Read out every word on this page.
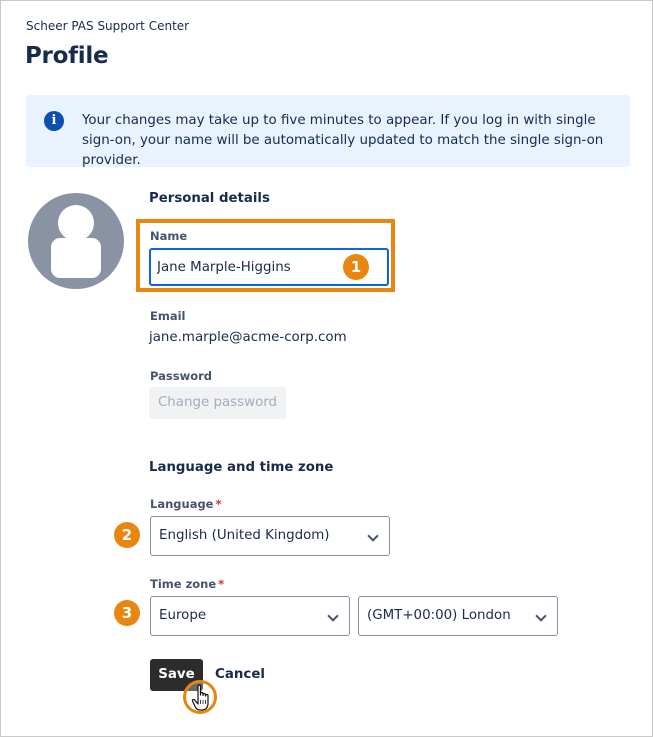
Scheer PAS Support Center
Profile
i	Your changes may take up to five minutes to appear. If you log in with single sign-on, your name will be automatically updated to match the single sign-on provider.
Personal details
Name
Jane Marple-Higgins
1
Email
jane.marple@acme-corp.com
Password
Change password
Language and time zone
Language *
2	English (United Kingdom)
Time zone *
3	Europe	(GMT+00:00) London
Save	Cancel
